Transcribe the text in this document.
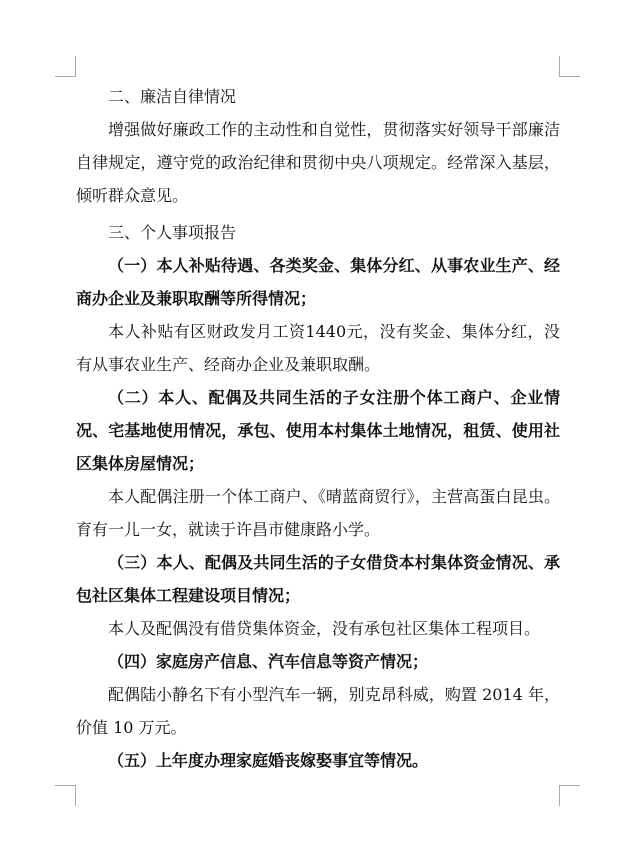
二、廉洁自律情况

增强做好廉政工作的主动性和自觉性，贯彻落实好领导干部廉洁自律规定，遵守党的政治纪律和贯彻中央八项规定。经常深入基层，倾听群众意见。

三、个人事项报告

（一）本人补贴待遇、各类奖金、集体分红、从事农业生产、经商办企业及兼职取酬等所得情况；

本人补贴有区财政发月工资1440元，没有奖金、集体分红，没有从事农业生产、经商办企业及兼职取酬。

（二）本人、配偶及共同生活的子女注册个体工商户、企业情况、宅基地使用情况，承包、使用本村集体土地情况，租赁、使用社区集体房屋情况；

本人配偶注册一个体工商户、《晴蓝商贸行》，主营高蛋白昆虫。育有一儿一女，就读于许昌市健康路小学。

（三）本人、配偶及共同生活的子女借贷本村集体资金情况、承包社区集体工程建设项目情况；

本人及配偶没有借贷集体资金，没有承包社区集体工程项目。

（四）家庭房产信息、汽车信息等资产情况；

配偶陆小静名下有小型汽车一辆，别克昂科威，购置 2014 年，价值 10 万元。

（五）上年度办理家庭婚丧嫁娶事宜等情况。
